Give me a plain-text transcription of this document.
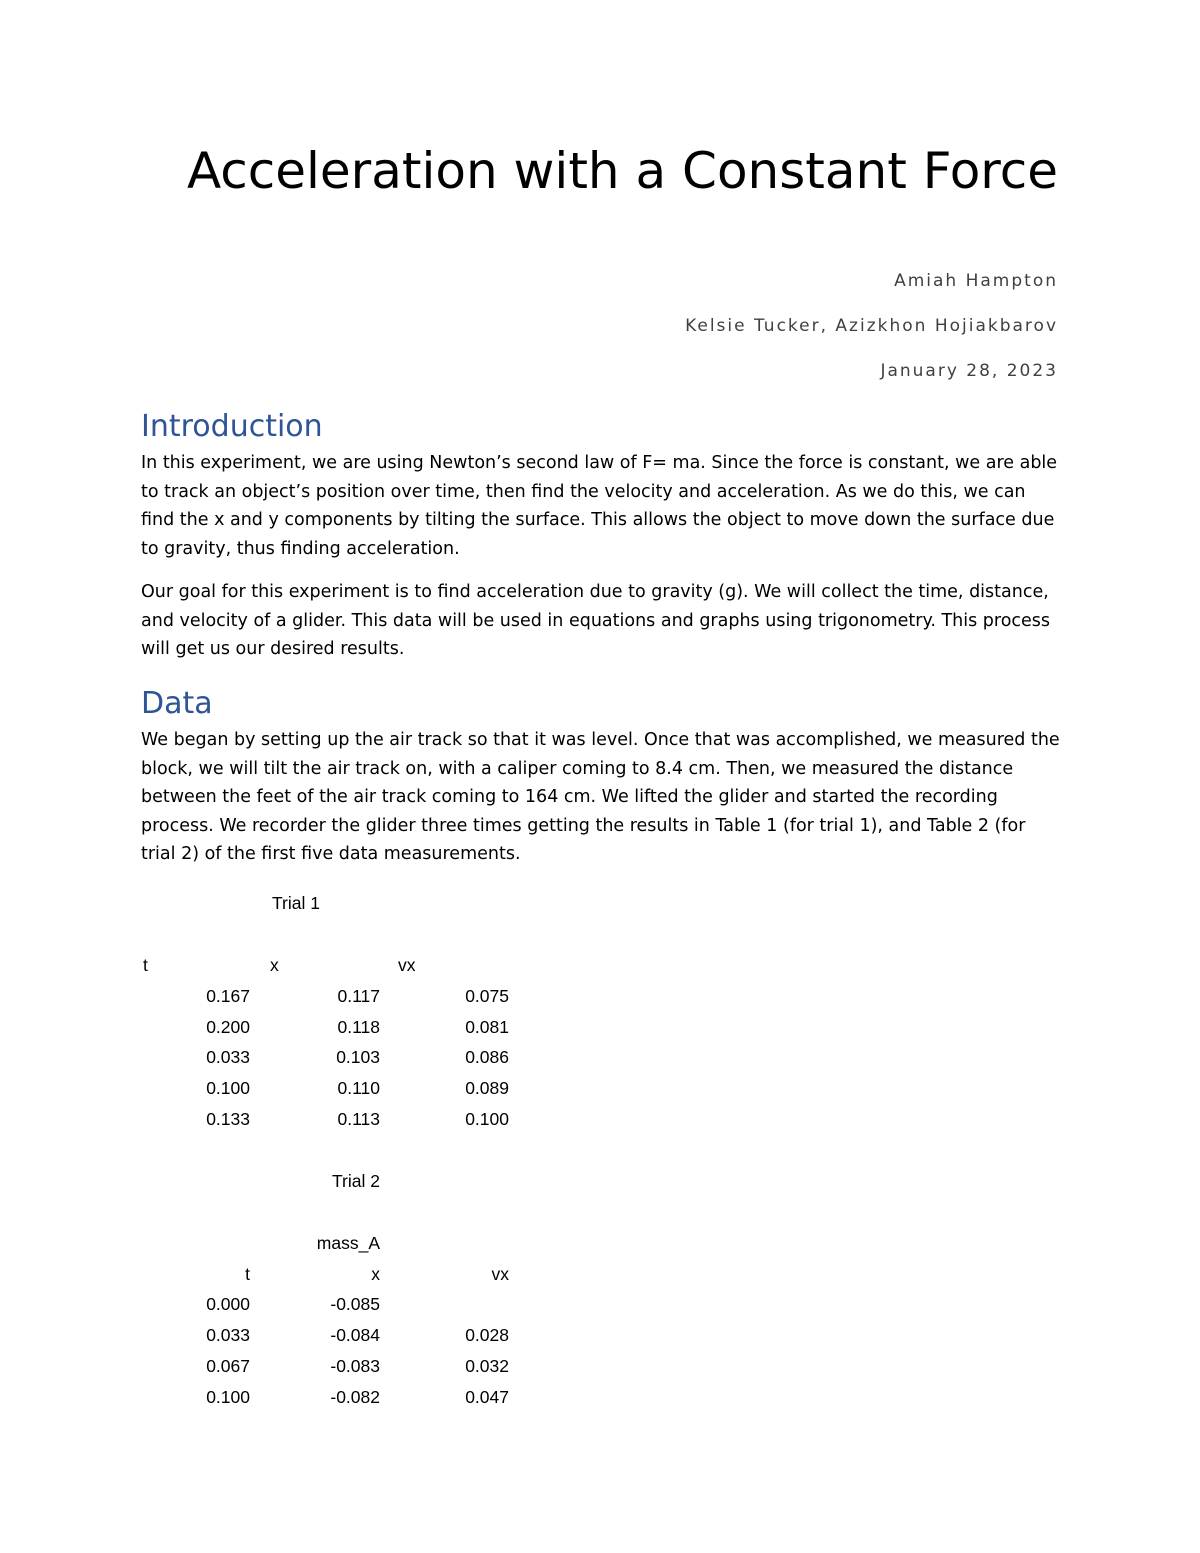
Acceleration with a Constant Force

Amiah Hampton

Kelsie Tucker, Azizkhon Hojiakbarov

January 28, 2023

Introduction

In this experiment, we are using Newton’s second law of F= ma. Since the force is constant, we are able to track an object’s position over time, then find the velocity and acceleration. As we do this, we can find the x and y components by tilting the surface. This allows the object to move down the surface due to gravity, thus finding acceleration.

Our goal for this experiment is to find acceleration due to gravity (g). We will collect the time, distance, and velocity of a glider. This data will be used in equations and graphs using trigonometry. This process will get us our desired results.

Data

We began by setting up the air track so that it was level. Once that was accomplished, we measured the block, we will tilt the air track on, with a caliper coming to 8.4 cm. Then, we measured the distance between the feet of the air track coming to 164 cm. We lifted the glider and started the recording process. We recorder the glider three times getting the results in Table 1 (for trial 1), and Table 2 (for trial 2) of the first five data measurements.

Trial 1
t	x	vx
0.167	0.117	0.075
0.200	0.118	0.081
0.033	0.103	0.086
0.100	0.110	0.089
0.133	0.113	0.100
Trial 2
mass_A
t	x	vx
0.000	-0.085
0.033	-0.084	0.028
0.067	-0.083	0.032
0.100	-0.082	0.047
